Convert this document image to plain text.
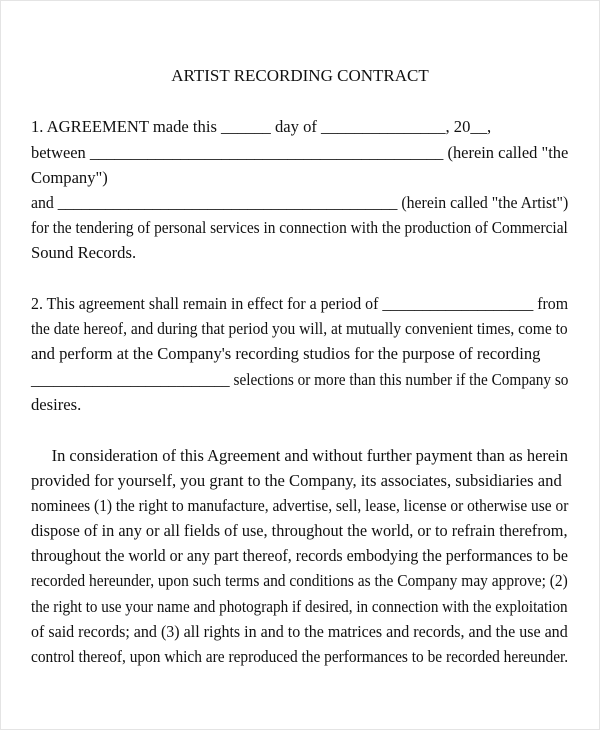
ARTIST RECORDING CONTRACT
1. AGREEMENT made this ______ day of _______________, 20__,
between ___________________________________________ (herein called "the
Company")
and ___________________________________________ (herein called "the Artist")
for the tendering of personal services in connection with the production of Commercial
Sound Records.
2. This agreement shall remain in effect for a period of ___________________ from
the date hereof, and during that period you will, at mutually convenient times, come to
and perform at the Company's recording studios for the purpose of recording
__________________________ selections or more than this number if the Company so
desires.
In consideration of this Agreement and without further payment than as herein
provided for yourself, you grant to the Company, its associates, subsidiaries and
nominees (1) the right to manufacture, advertise, sell, lease, license or otherwise use or
dispose of in any or all fields of use, throughout the world, or to refrain therefrom,
throughout the world or any part thereof, records embodying the performances to be
recorded hereunder, upon such terms and conditions as the Company may approve; (2)
the right to use your name and photograph if desired, in connection with the exploitation
of said records; and (3) all rights in and to the matrices and records, and the use and
control thereof, upon which are reproduced the performances to be recorded hereunder.
